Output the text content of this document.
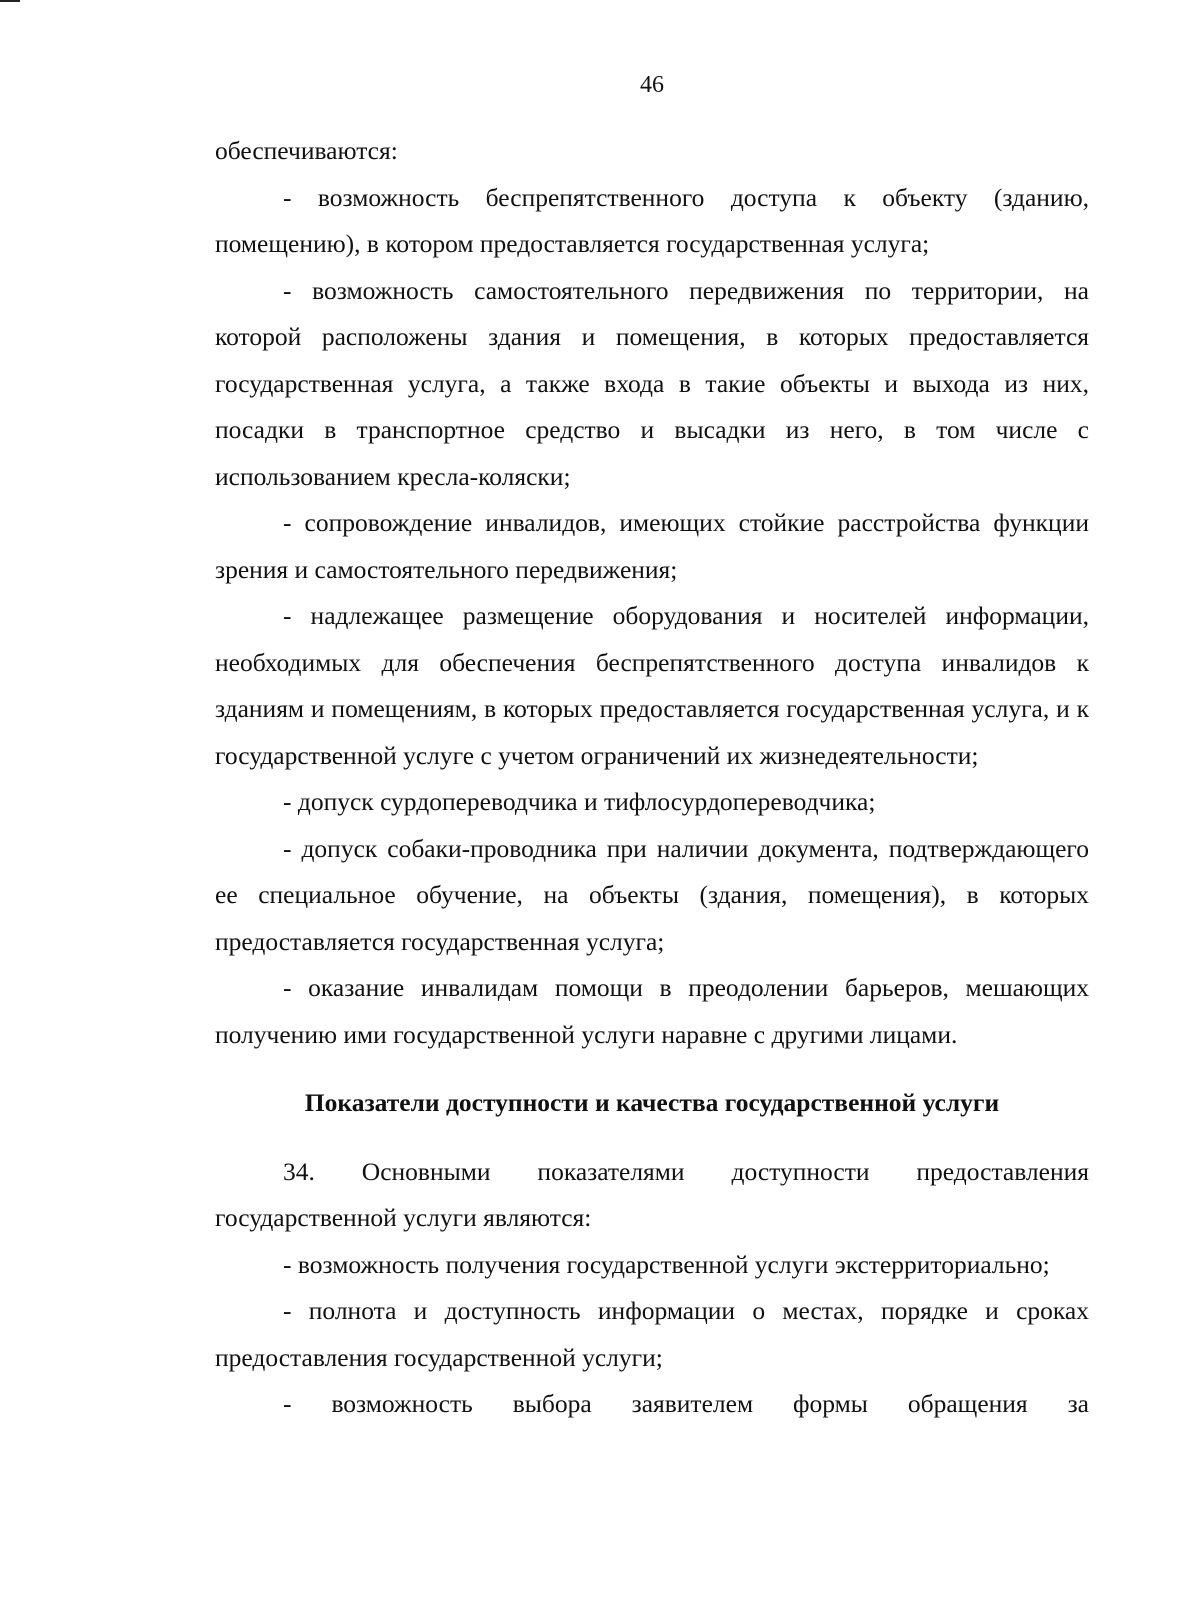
46

обеспечиваются:

- возможность беспрепятственного доступа к объекту (зданию, помещению), в котором предоставляется государственная услуга;

- возможность самостоятельного передвижения по территории, на которой расположены здания и помещения, в которых предоставляется государственная услуга, а также входа в такие объекты и выхода из них, посадки в транспортное средство и высадки из него, в том числе с использованием кресла-коляски;

- сопровождение инвалидов, имеющих стойкие расстройства функции зрения и самостоятельного передвижения;

- надлежащее размещение оборудования и носителей информации, необходимых для обеспечения беспрепятственного доступа инвалидов к зданиям и помещениям, в которых предоставляется государственная услуга, и к государственной услуге с учетом ограничений их жизнедеятельности;

- допуск сурдопереводчика и тифлосурдопереводчика;

- допуск собаки-проводника при наличии документа, подтверждающего ее специальное обучение, на объекты (здания, помещения), в которых предоставляется государственная услуга;

- оказание инвалидам помощи в преодолении барьеров, мешающих получению ими государственной услуги наравне с другими лицами.

Показатели доступности и качества государственной услуги

34. Основными показателями доступности предоставления государственной услуги являются:

- возможность получения государственной услуги экстерриториально;

- полнота и доступность информации о местах, порядке и сроках предоставления государственной услуги;

- возможность выбора заявителем формы обращения за
